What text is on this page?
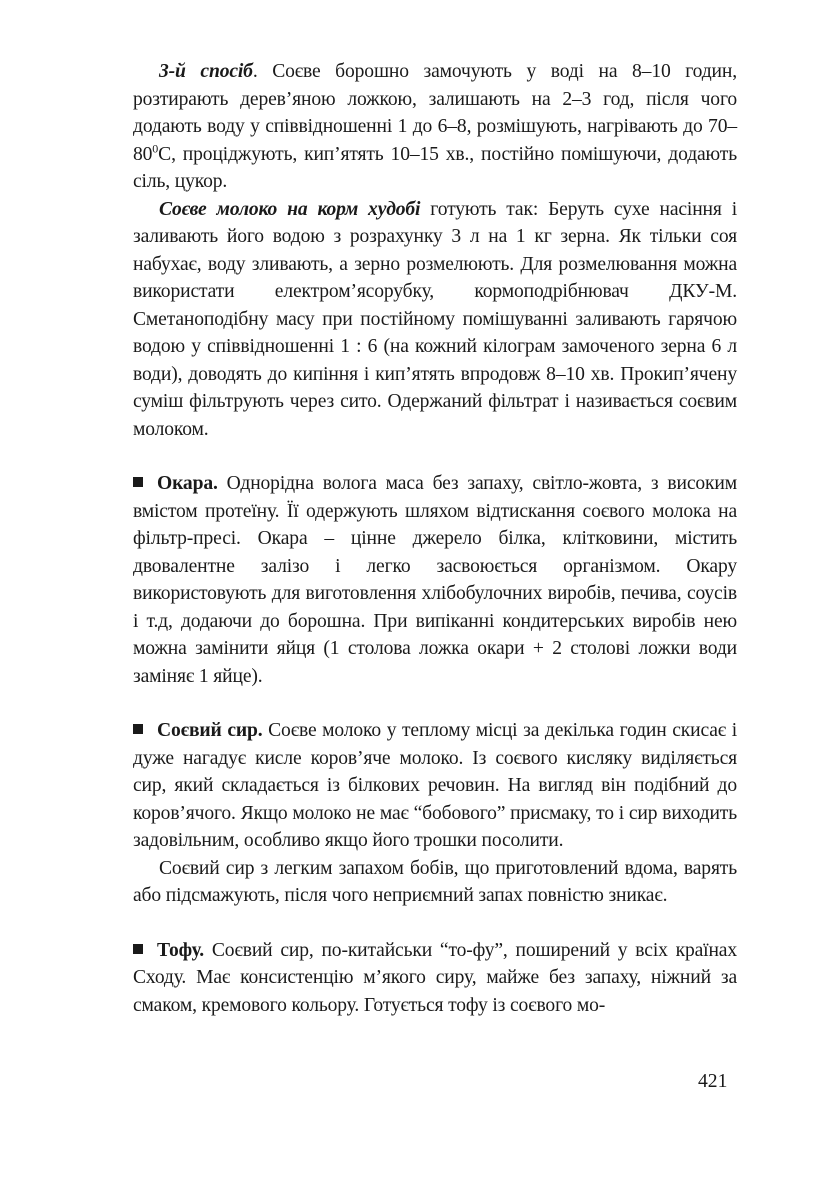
3-й спосіб. Соєве борошно замочують у воді на 8–10 годин, розтирають дерев’яною ложкою, залишають на 2–3 год, після чого додають воду у співвідношенні 1 до 6–8, розмішують, нагрівають до $70-80^0С$, проціджують, кип’ятять 10–15 хв., постійно помішуючи, додають сіль, цукор.

Соєве молоко на корм худобі готують так: Беруть сухе насіння і заливають його водою з розрахунку 3 л на 1 кг зерна. Як тільки соя набухає, воду зливають, а зерно розмелюють. Для розмелювання можна використати електром’ясорубку, кормоподрібнювач ДКУ-М. Сметаноподібну масу при постійному помішуванні заливають гарячою водою у співвідношенні 1 : 6 (на кожний кілограм замоченого зерна 6 л води), доводять до кипіння і кип’ятять впродовж 8–10 хв. Прокип’ячену суміш фільтрують через сито. Одержаний фільтрат і називається соєвим молоком.

Окара. Однорідна волога маса без запаху, світло-жовта, з високим вмістом протеїну. Її одержують шляхом відтискання соєвого молока на фільтр-пресі. Окара – цінне джерело білка, клітковини, містить двовалентне залізо і легко засвоюється організмом. Окару використовують для виготовлення хлібобулочних виробів, печива, соусів і т.д, додаючи до борошна. При випіканні кондитерських виробів нею можна замінити яйця (1 столова ложка окари + 2 столові ложки води заміняє 1 яйце).

Соєвий сир. Соєве молоко у теплому місці за декілька годин скисає і дуже нагадує кисле коров’яче молоко. Із соєвого кисляку виділяється сир, який складається із білкових речовин. На вигляд він подібний до коров’ячого. Якщо молоко не має “бобового” присмаку, то і сир виходить задовільним, особливо якщо його трошки посолити.

Соєвий сир з легким запахом бобів, що приготовлений вдома, варять або підсмажують, після чого неприємний запах повністю зникає.

Тофу. Соєвий сир, по-китайськи “то-фу”, поширений у всіх країнах Сходу. Має консистенцію м’якого сиру, майже без запаху, ніжний за смаком, кремового кольору. Готується тофу із соєвого мо-

421
